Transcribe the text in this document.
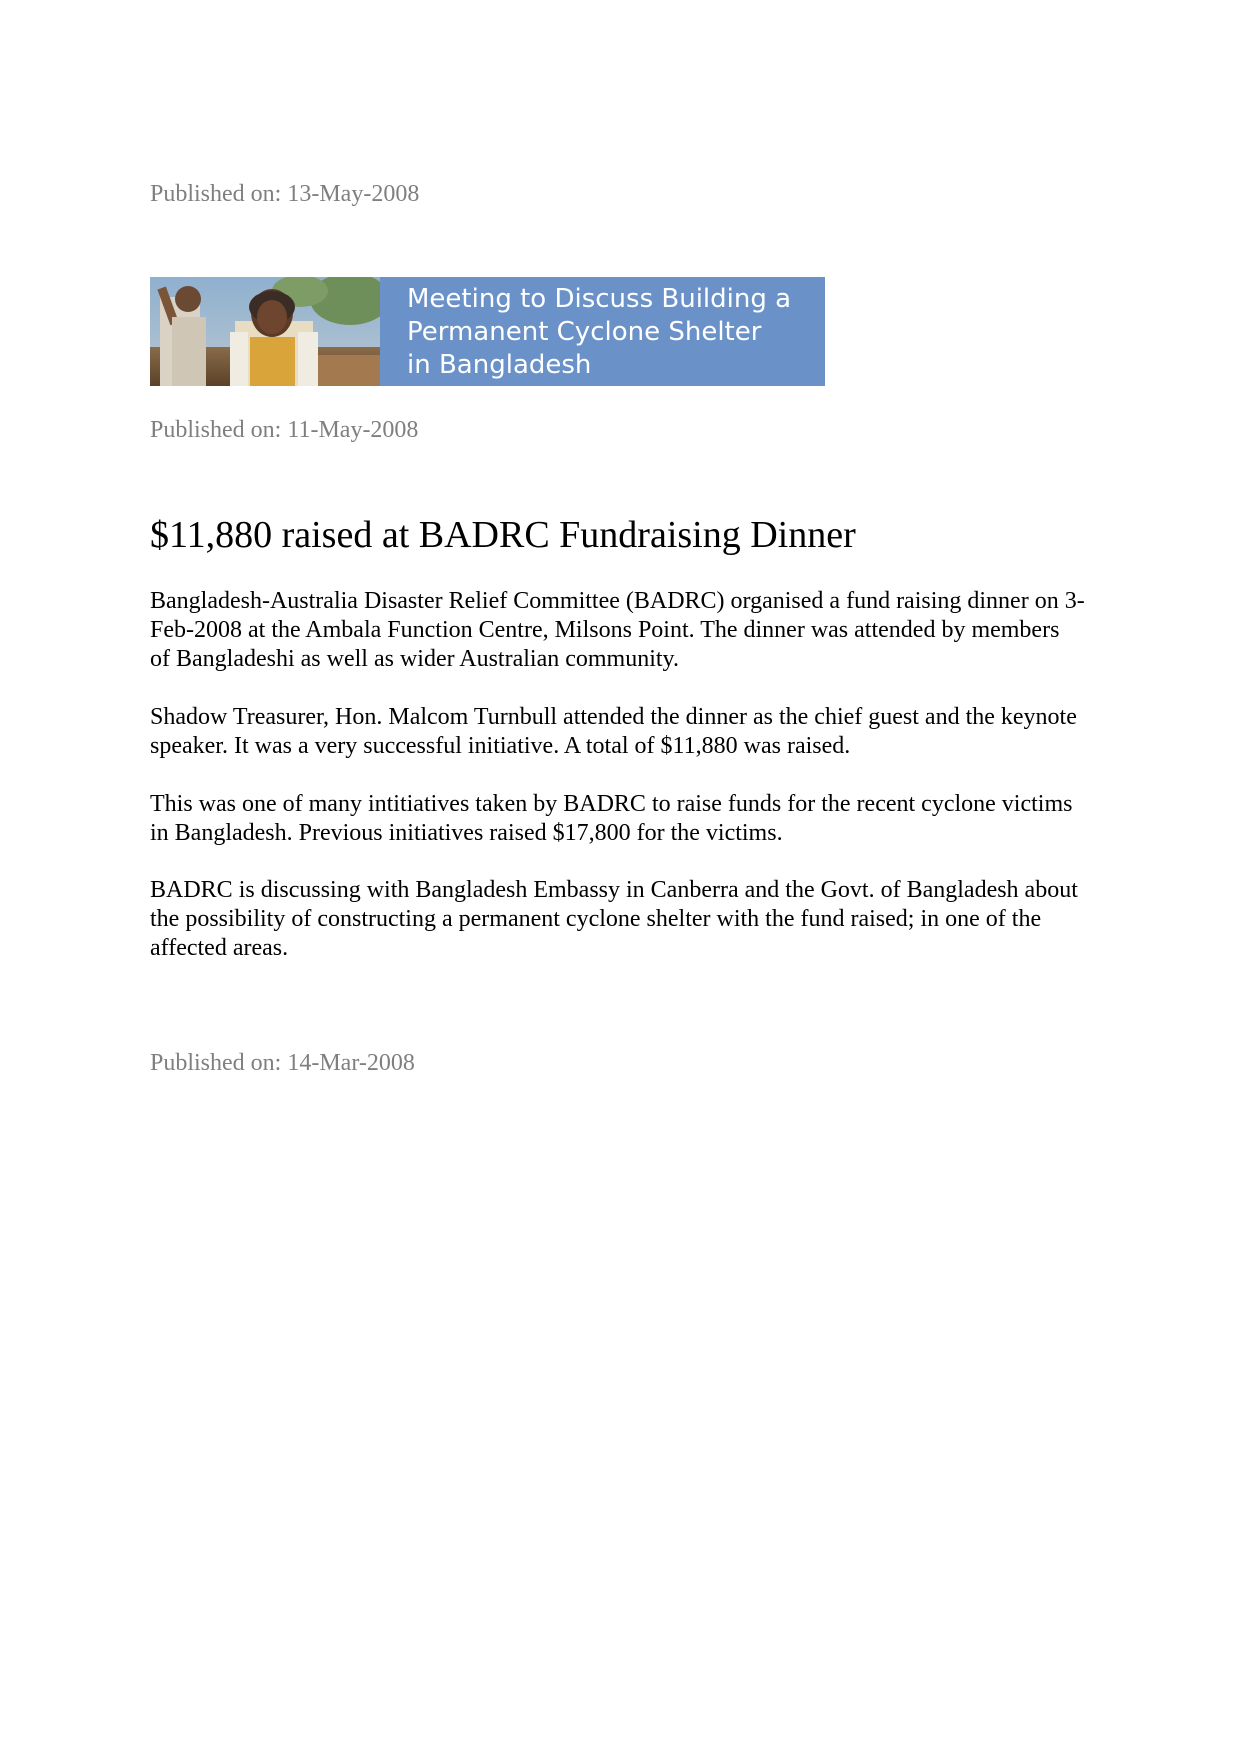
Published on: 13-May-2008
Meeting to Discuss Building a
Permanent Cyclone Shelter
in Bangladesh
Published on: 11-May-2008
$11,880 raised at BADRC Fundraising Dinner

Bangladesh-Australia Disaster Relief Committee (BADRC) organised a fund raising dinner on 3-Feb-2008 at the Ambala Function Centre, Milsons Point. The dinner was attended by members of Bangladeshi as well as wider Australian community.

Shadow Treasurer, Hon. Malcom Turnbull attended the dinner as the chief guest and the keynote speaker. It was a very successful initiative. A total of $11,880 was raised.

This was one of many intitiatives taken by BADRC to raise funds for the recent cyclone victims in Bangladesh. Previous initiatives raised $17,800 for the victims.

BADRC is discussing with Bangladesh Embassy in Canberra and the Govt. of Bangladesh about the possibility of constructing a permanent cyclone shelter with the fund raised; in one of the affected areas.

Published on: 14-Mar-2008
